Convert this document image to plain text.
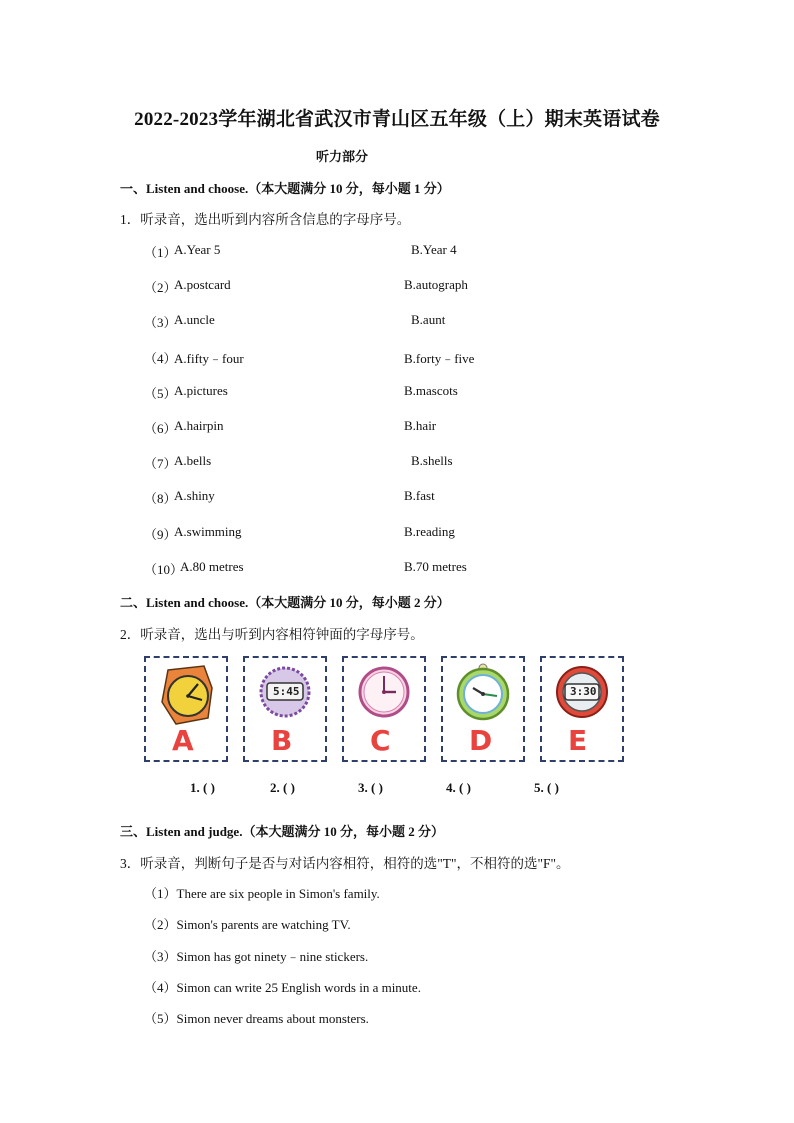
2022-2023学年湖北省武汉市青山区五年级（上）期末英语试卷
听力部分
一、Listen and choose.（本大题满分 10 分，每小题 1 分）
1．听录音，选出听到内容所含信息的字母序号。
（1）
A.Year 5	B.Year 4
（2）
A.postcard	B.autograph
（3）
A.uncle	B.aunt
（4）
A.fifty﹣four	B.forty﹣five
（5）
A.pictures	B.mascots
（6）
A.hairpin	B.hair
（7）
A.bells	B.shells
（8）
A.shiny	B.fast
（9）
A.swimming	B.reading
（10）
A.80 metres	B.70 metres
二、Listen and choose.（本大题满分 10 分，每小题 2 分）
2．听录音，选出与听到内容相符钟面的字母序号。
A
5:45
B	C	D
3:30
E
1. ( )	2. ( )	3. ( )	4. ( )	5. ( )
三、Listen and judge.（本大题满分 10 分，每小题 2 分）
3．听录音，判断句子是否与对话内容相符，相符的选"T"，不相符的选"F"。
（1）There are six people in Simon's family.
（2）Simon's parents are watching TV.
（3）Simon has got ninety﹣nine stickers.
（4）Simon can write 25 English words in a minute.
（5）Simon never dreams about monsters.
